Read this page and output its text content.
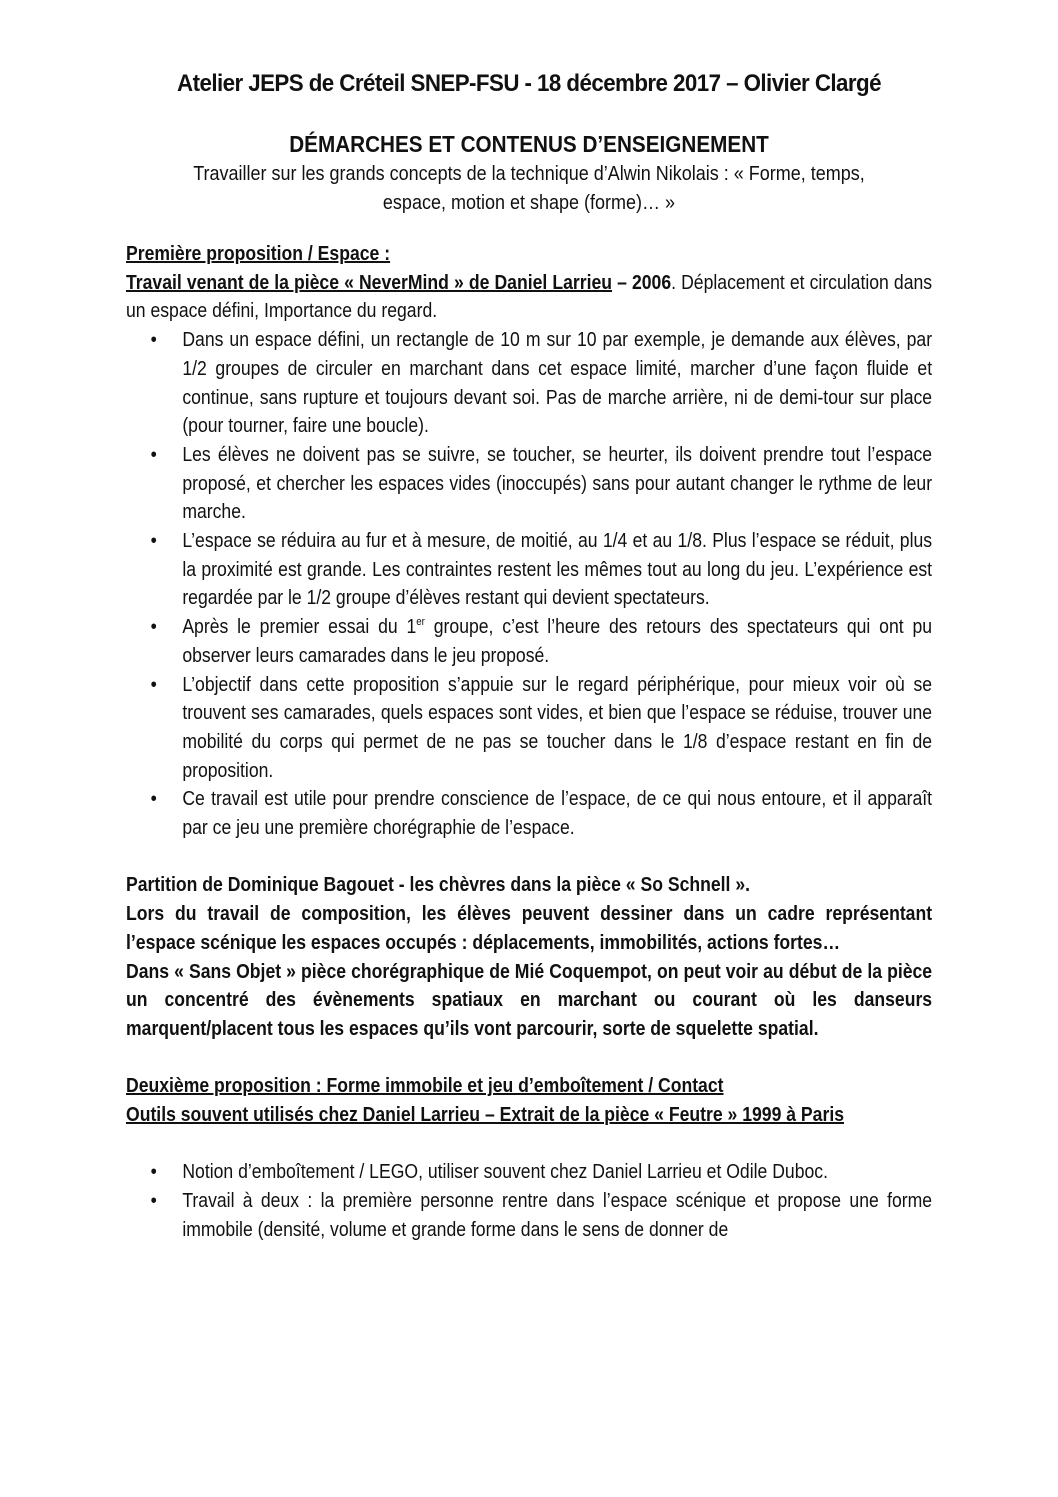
Atelier JEPS de Créteil SNEP-FSU - 18 décembre 2017 – Olivier Clargé
DÉMARCHES ET CONTENUS D’ENSEIGNEMENT
Travailler sur les grands concepts de la technique d’Alwin Nikolais : « Forme, temps,
espace, motion et shape (forme)… »

Première proposition / Espace :

Travail venant de la pièce « NeverMind » de Daniel Larrieu – 2006. Déplacement et circulation dans un espace défini, Importance du regard.

• Dans un espace défini, un rectangle de 10 m sur 10 par exemple, je demande aux élèves, par 1/2 groupes de circuler en marchant dans cet espace limité, marcher d’une façon fluide et continue, sans rupture et toujours devant soi. Pas de marche arrière, ni de demi-tour sur place (pour tourner, faire une boucle).
• Les élèves ne doivent pas se suivre, se toucher, se heurter, ils doivent prendre tout l’espace proposé, et chercher les espaces vides (inoccupés) sans pour autant changer le rythme de leur marche.
• L’espace se réduira au fur et à mesure, de moitié, au 1/4 et au 1/8. Plus l’espace se réduit, plus la proximité est grande. Les contraintes restent les mêmes tout au long du jeu. L’expérience est regardée par le 1/2 groupe d’élèves restant qui devient spectateurs.
• Après le premier essai du 1er groupe, c’est l’heure des retours des spectateurs qui ont pu observer leurs camarades dans le jeu proposé.
• L’objectif dans cette proposition s’appuie sur le regard périphérique, pour mieux voir où se trouvent ses camarades, quels espaces sont vides, et bien que l’espace se réduise, trouver une mobilité du corps qui permet de ne pas se toucher dans le 1/8 d’espace restant en fin de proposition.
• Ce travail est utile pour prendre conscience de l’espace, de ce qui nous entoure, et il apparaît par ce jeu une première chorégraphie de l’espace.

Partition de Dominique Bagouet - les chèvres dans la pièce « So Schnell ».

Lors du travail de composition, les élèves peuvent dessiner dans un cadre représentant l’espace scénique les espaces occupés : déplacements, immobilités, actions fortes…

Dans « Sans Objet » pièce chorégraphique de Mié Coquempot, on peut voir au début de la pièce un concentré des évènements spatiaux en marchant ou courant où les danseurs marquent/placent tous les espaces qu’ils vont parcourir, sorte de squelette spatial.

Deuxième proposition : Forme immobile et jeu d’emboîtement / Contact

Outils souvent utilisés chez Daniel Larrieu – Extrait de la pièce « Feutre » 1999 à Paris

• Notion d’emboîtement / LEGO, utiliser souvent chez Daniel Larrieu et Odile Duboc.
• Travail à deux : la première personne rentre dans l’espace scénique et propose une forme immobile (densité, volume et grande forme dans le sens de donner de
